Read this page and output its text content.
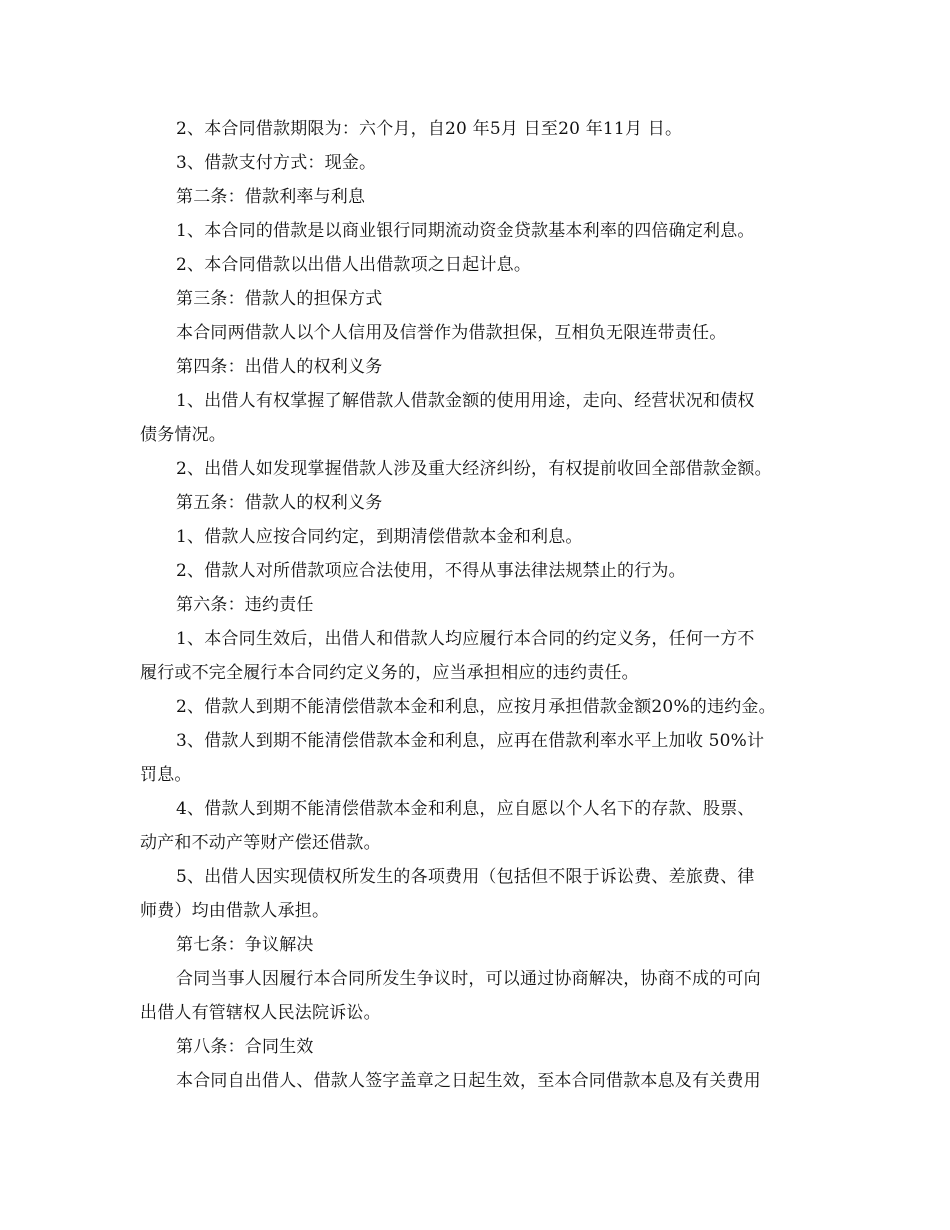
2、本合同借款期限为：六个月，自20 年5月 日至20 年11月 日。
3、借款支付方式：现金。
第二条：借款利率与利息
1、本合同的借款是以商业银行同期流动资金贷款基本利率的四倍确定利息。
2、本合同借款以出借人出借款项之日起计息。
第三条：借款人的担保方式
本合同两借款人以个人信用及信誉作为借款担保，互相负无限连带责任。
第四条：出借人的权利义务
1、出借人有权掌握了解借款人借款金额的使用用途，走向、经营状况和债权
债务情况。
2、出借人如发现掌握借款人涉及重大经济纠纷，有权提前收回全部借款金额。
第五条：借款人的权利义务
1、借款人应按合同约定，到期清偿借款本金和利息。
2、借款人对所借款项应合法使用，不得从事法律法规禁止的行为。
第六条：违约责任
1、本合同生效后，出借人和借款人均应履行本合同的约定义务，任何一方不
履行或不完全履行本合同约定义务的，应当承担相应的违约责任。
2、借款人到期不能清偿借款本金和利息，应按月承担借款金额20%的违约金。
3、借款人到期不能清偿借款本金和利息，应再在借款利率水平上加收 50%计
罚息。
4、借款人到期不能清偿借款本金和利息，应自愿以个人名下的存款、股票、
动产和不动产等财产偿还借款。
5、出借人因实现债权所发生的各项费用（包括但不限于诉讼费、差旅费、律
师费）均由借款人承担。
第七条：争议解决
合同当事人因履行本合同所发生争议时，可以通过协商解决，协商不成的可向
出借人有管辖权人民法院诉讼。
第八条：合同生效
本合同自出借人、借款人签字盖章之日起生效，至本合同借款本息及有关费用
